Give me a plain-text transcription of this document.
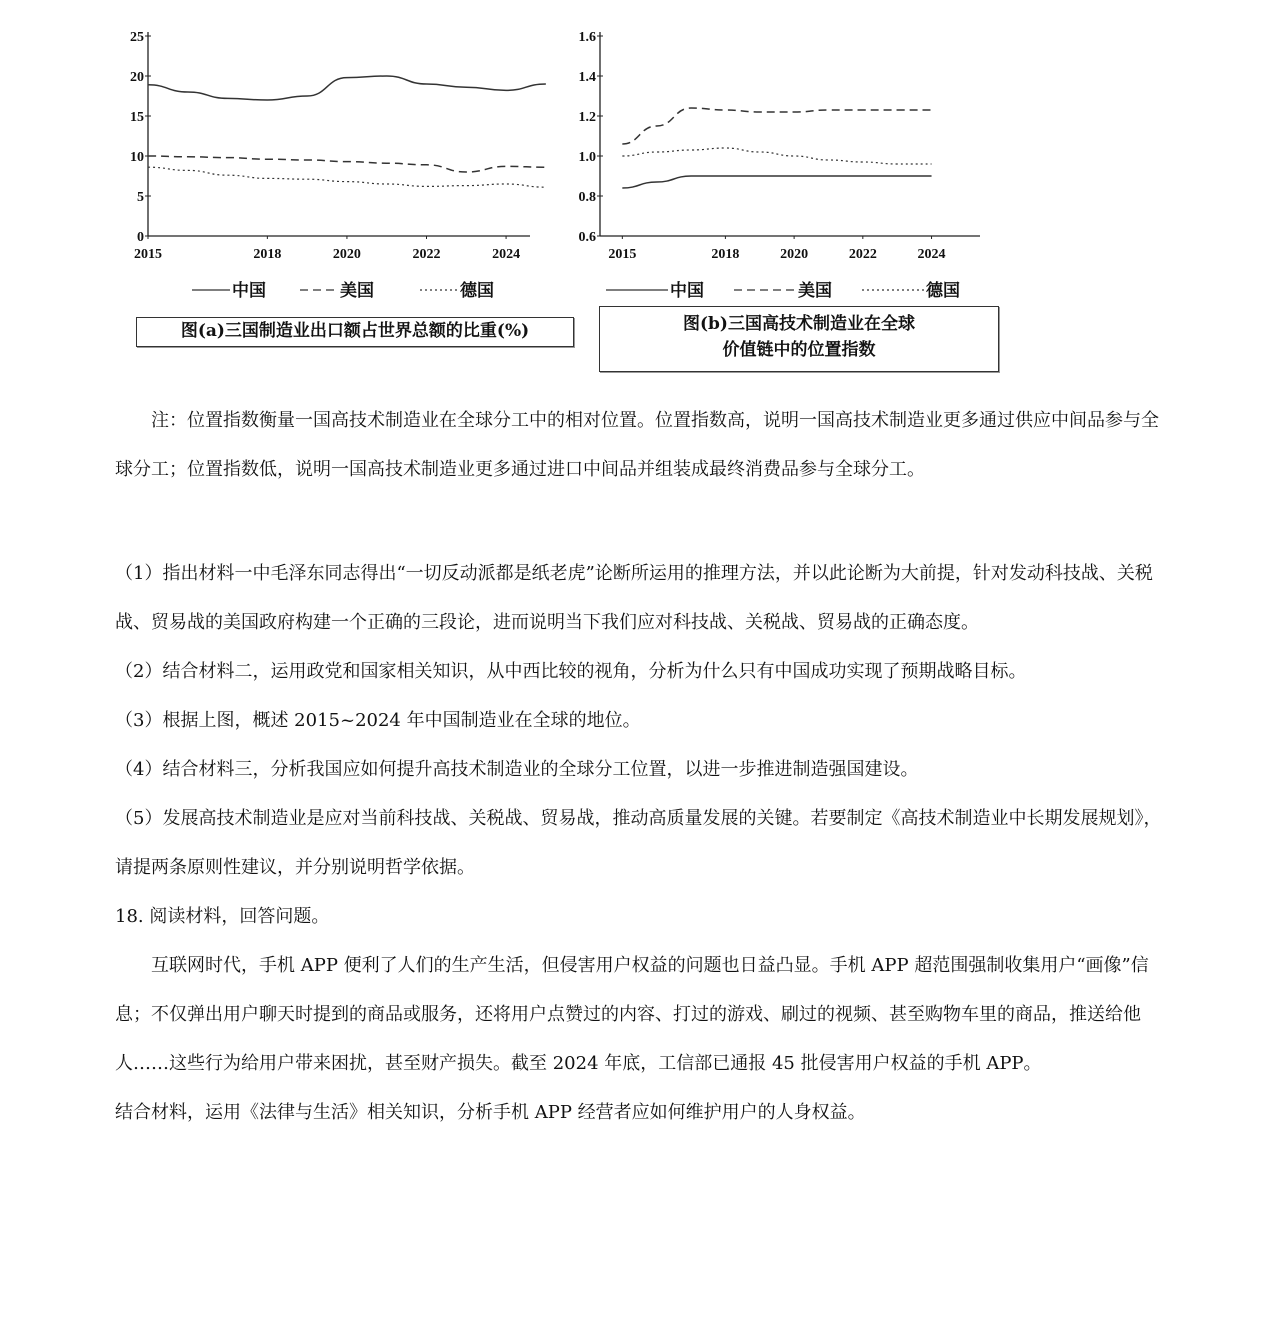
0
5
10
15
20
25
2015	2018	2020	2022	2024
中国	美国	德国
图(a)三国制造业出口额占世界总额的比重(%)
0.6
0.8
1.0
1.2
1.4
1.6
2015	2018	2020	2022	2024
中国	美国	德国
图(b)三国高技术制造业在全球
价值链中的位置指数

注：位置指数衡量一国高技术制造业在全球分工中的相对位置。位置指数高，说明一国高技术制造业更多通过供应中间品参与全球分工；位置指数低，说明一国高技术制造业更多通过进口中间品并组装成最终消费品参与全球分工。

（1）指出材料一中毛泽东同志得出“一切反动派都是纸老虎”论断所运用的推理方法，并以此论断为大前提，针对发动科技战、关税战、贸易战的美国政府构建一个正确的三段论，进而说明当下我们应对科技战、关税战、贸易战的正确态度。

（2）结合材料二，运用政党和国家相关知识，从中西比较的视角，分析为什么只有中国成功实现了预期战略目标。

（3）根据上图，概述 2015~2024 年中国制造业在全球的地位。

（4）结合材料三，分析我国应如何提升高技术制造业的全球分工位置，以进一步推进制造强国建设。

（5）发展高技术制造业是应对当前科技战、关税战、贸易战，推动高质量发展的关键。若要制定《高技术制造业中长期发展规划》，请提两条原则性建议，并分别说明哲学依据。

18. 阅读材料，回答问题。

互联网时代，手机 APP 便利了人们的生产生活，但侵害用户权益的问题也日益凸显。手机 APP 超范围强制收集用户“画像”信息；不仅弹出用户聊天时提到的商品或服务，还将用户点赞过的内容、打过的游戏、刷过的视频、甚至购物车里的商品，推送给他人……这些行为给用户带来困扰，甚至财产损失。截至 2024 年底，工信部已通报 45 批侵害用户权益的手机 APP。

结合材料，运用《法律与生活》相关知识，分析手机 APP 经营者应如何维护用户的人身权益。
